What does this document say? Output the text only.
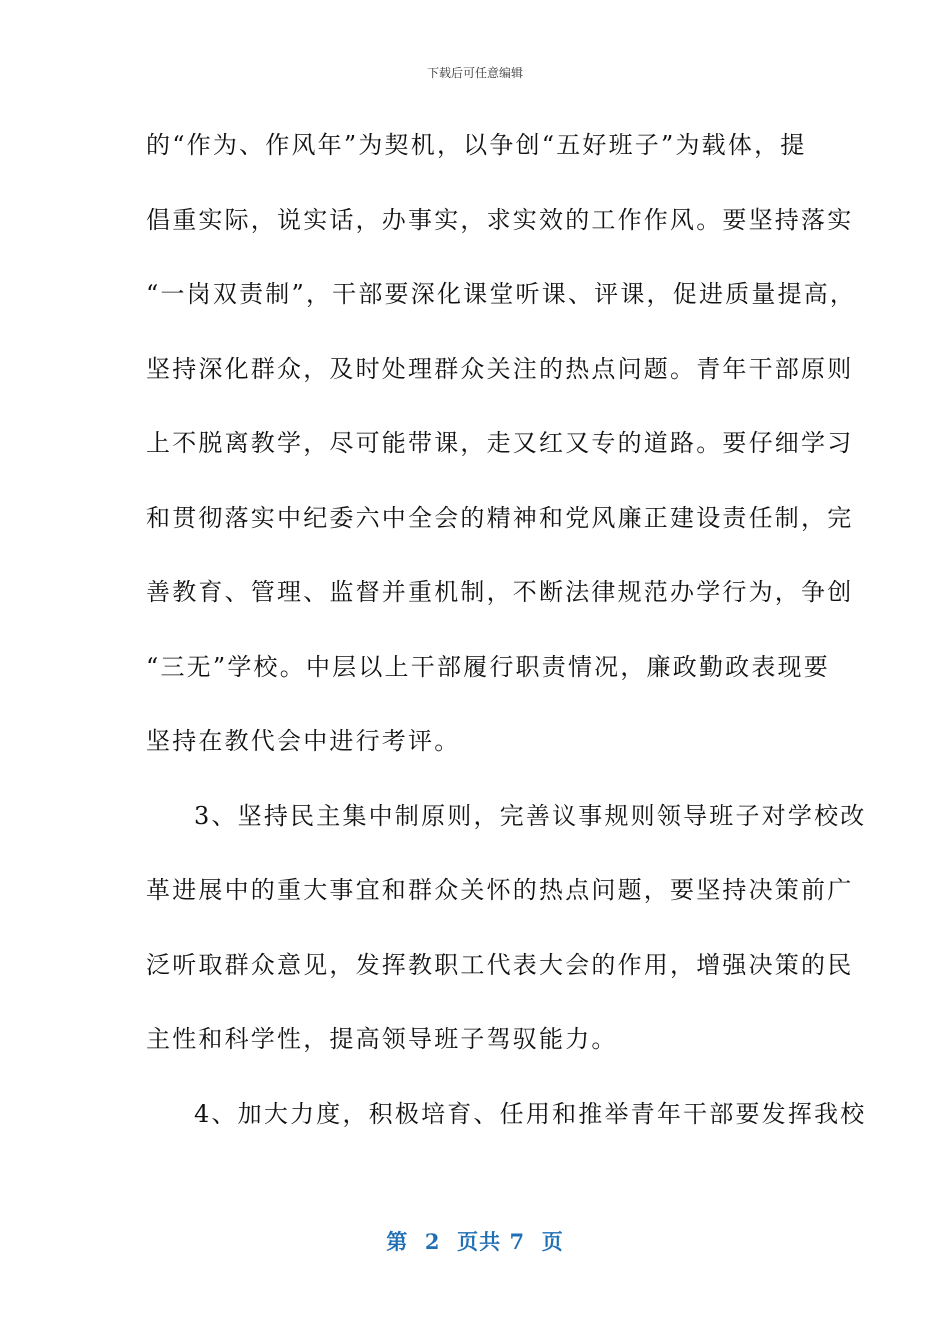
下载后可任意编辑
的“作为、作风年”为契机，以争创“五好班子”为载体，提
倡重实际，说实话，办事实，求实效的工作作风。要坚持落实
“一岗双责制”，干部要深化课堂听课、评课，促进质量提高，
坚持深化群众，及时处理群众关注的热点问题。青年干部原则
上不脱离教学，尽可能带课，走又红又专的道路。要仔细学习
和贯彻落实中纪委六中全会的精神和党风廉正建设责任制，完
善教育、管理、监督并重机制，不断法律规范办学行为，争创
“三无”学校。中层以上干部履行职责情况，廉政勤政表现要
坚持在教代会中进行考评。
3、坚持民主集中制原则，完善议事规则领导班子对学校改
革进展中的重大事宜和群众关怀的热点问题，要坚持决策前广
泛听取群众意见，发挥教职工代表大会的作用，增强决策的民
主性和科学性，提高领导班子驾驭能力。
4、加大力度，积极培育、任用和推举青年干部要发挥我校
第  2  页共 7  页
